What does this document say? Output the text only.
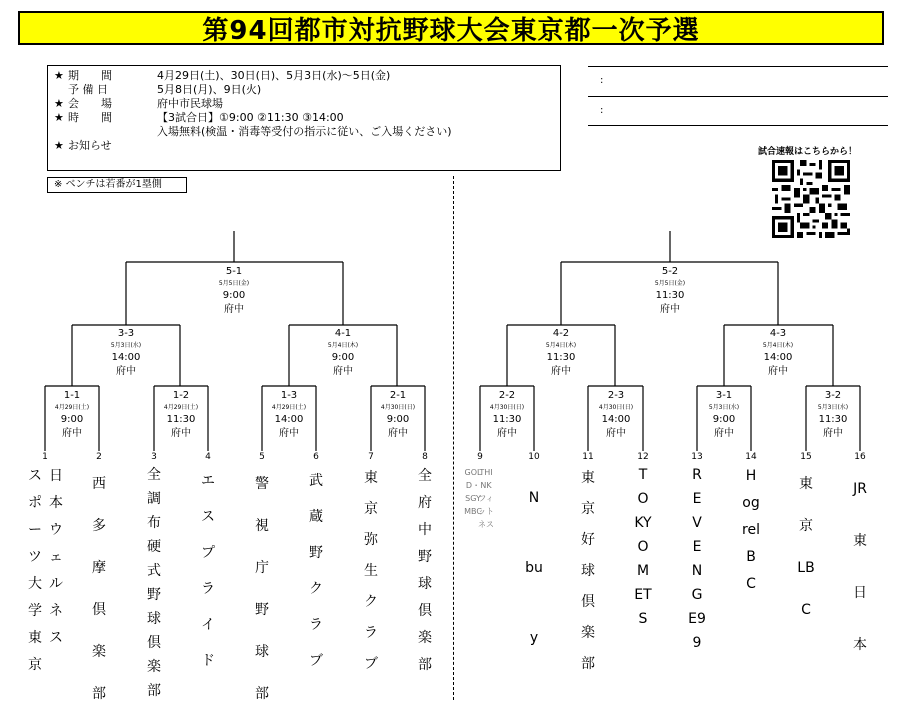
第94回都市対抗野球大会東京都一次予選
★ 期　　間	4月29日(土)、30日(日)、5月3日(水)～5日(金)
予 備 日	5月8日(月)、9日(火)
★ 会　　場	府中市民球場
★ 時　　間	【3試合日】①9:00 ②11:30 ③14:00
入場無料(検温・消毒等受付の指示に従い、ご入場ください)
★ お知らせ
※ ベンチは若番が1塁側
:
:
試合速報はこちらから！
5-1
5月5日(金)
9:00
府中
3-3
5月3日(水)
14:00
府中
4-1
5月4日(木)
9:00
府中
1-1
4月29日(土)
9:00
府中
1-2
4月29日(土)
11:30
府中
1-3
4月29日(土)
14:00
府中
2-1
4月30日(日)
9:00
府中
5-2
5月5日(金)
11:30
府中
4-2
5月4日(木)
11:30
府中
4-3
5月4日(木)
14:00
府中
2-2
4月30日(日)
11:30
府中
2-3
4月30日(日)
14:00
府中
3-1
5月3日(水)
9:00
府中
3-2
5月3日(水)
11:30
府中
1	2	3	4	5	6	7	8	9	10	11	12	13	14	15	16
スポーツ大学東京
日本ウェルネス
西多摩倶楽部
全調布硬式野球倶楽部
エスプライド
警視庁野球部
武蔵野クラブ
東京弥生クラブ
全府中野球倶楽部
GOLD・SGYMBC
THINKフィットネス
Nbuy
東京好球倶楽部
TOKYO METS
REVENGE99
HogrelBC
東京LBC
JR東日本
